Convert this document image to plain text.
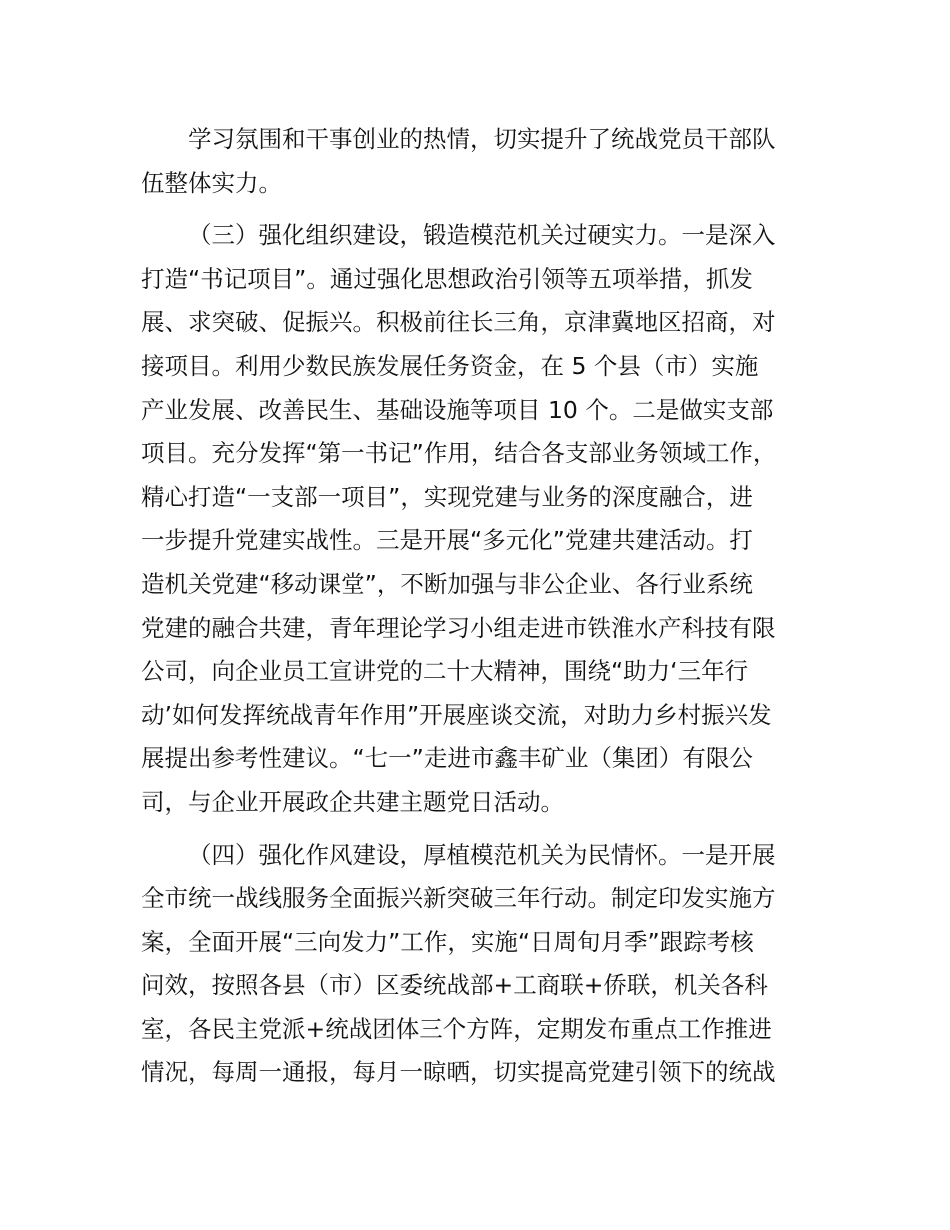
学习氛围和干事创业的热情，切实提升了统战党员干部队
伍整体实力。
（三）强化组织建设，锻造模范机关过硬实力。一是深入
打造“书记项目”。通过强化思想政治引领等五项举措，抓发
展、求突破、促振兴。积极前往长三角，京津冀地区招商，对
接项目。利用少数民族发展任务资金，在 5 个县（市）实施
产业发展、改善民生、基础设施等项目 10 个。二是做实支部
项目。充分发挥“第一书记”作用，结合各支部业务领域工作，
精心打造“一支部一项目”，实现党建与业务的深度融合，进
一步提升党建实战性。三是开展“多元化”党建共建活动。打
造机关党建“移动课堂”，不断加强与非公企业、各行业系统
党建的融合共建，青年理论学习小组走进市铁淮水产科技有限
公司，向企业员工宣讲党的二十大精神，围绕“助力‘三年行
动’如何发挥统战青年作用”开展座谈交流，对助力乡村振兴发
展提出参考性建议。“七一”走进市鑫丰矿业（集团）有限公
司，与企业开展政企共建主题党日活动。
（四）强化作风建设，厚植模范机关为民情怀。一是开展
全市统一战线服务全面振兴新突破三年行动。制定印发实施方
案，全面开展“三向发力”工作，实施“日周旬月季”跟踪考核
问效，按照各县（市）区委统战部+工商联+侨联，机关各科
室，各民主党派+统战团体三个方阵，定期发布重点工作推进
情况，每周一通报，每月一晾晒，切实提高党建引领下的统战
